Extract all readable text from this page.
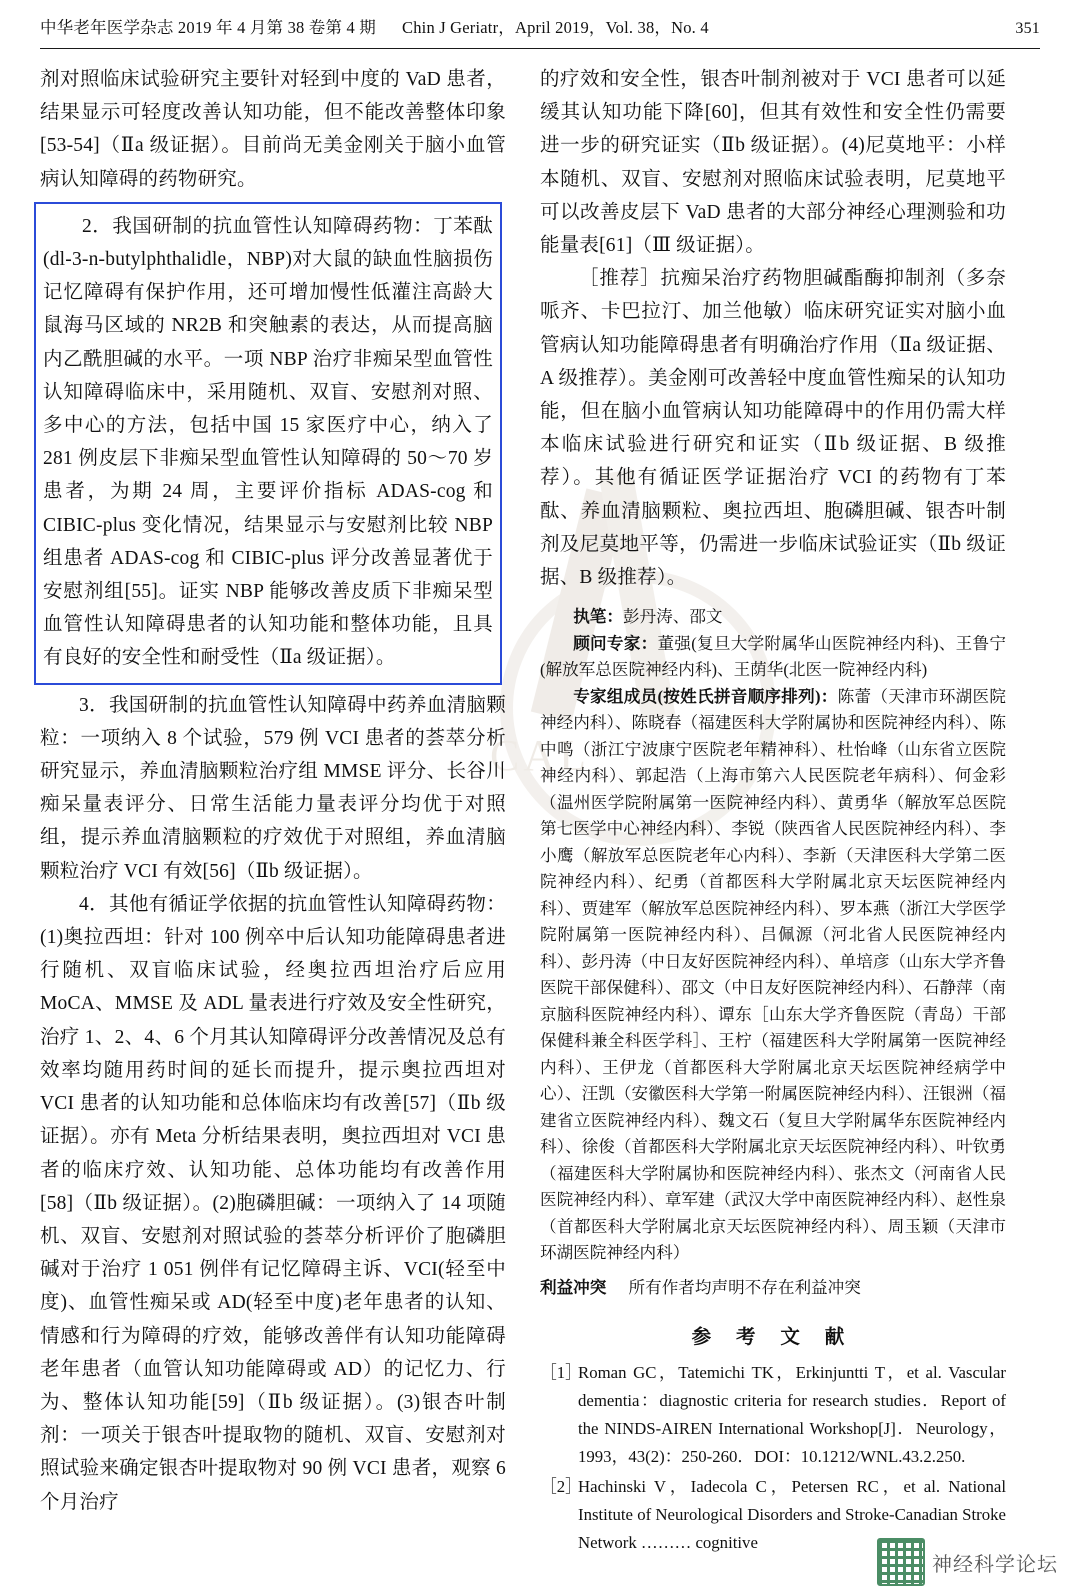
中华老年医学杂志 2019 年 4 月第 38 卷第 4 期 Chin J Geriatr，April 2019，Vol. 38，No. 4	351
CAL

剂对照临床试验研究主要针对轻到中度的 VaD 患者，结果显示可轻度改善认知功能，但不能改善整体印象[53-54]（Ⅱa 级证据）。目前尚无美金刚关于脑小血管病认知障碍的药物研究。

2．我国研制的抗血管性认知障碍药物：丁苯酞(dl-3-n-butylphthalidle，NBP)对大鼠的缺血性脑损伤记忆障碍有保护作用，还可增加慢性低灌注高龄大鼠海马区域的 NR2B 和突触素的表达，从而提高脑内乙酰胆碱的水平。一项 NBP 治疗非痴呆型血管性认知障碍临床中，采用随机、双盲、安慰剂对照、多中心的方法，包括中国 15 家医疗中心，纳入了 281 例皮层下非痴呆型血管性认知障碍的 50～70 岁患者，为期 24 周，主要评价指标 ADAS-cog 和 CIBIC-plus 变化情况，结果显示与安慰剂比较 NBP 组患者 ADAS-cog 和 CIBIC-plus 评分改善显著优于安慰剂组[55]。证实 NBP 能够改善皮质下非痴呆型血管性认知障碍患者的认知功能和整体功能，且具有良好的安全性和耐受性（Ⅱa 级证据）。

3．我国研制的抗血管性认知障碍中药养血清脑颗粒：一项纳入 8 个试验，579 例 VCI 患者的荟萃分析研究显示，养血清脑颗粒治疗组 MMSE 评分、长谷川痴呆量表评分、日常生活能力量表评分均优于对照组，提示养血清脑颗粒的疗效优于对照组，养血清脑颗粒治疗 VCI 有效[56]（Ⅱb 级证据）。

4．其他有循证学依据的抗血管性认知障碍药物：(1)奥拉西坦：针对 100 例卒中后认知功能障碍患者进行随机、双盲临床试验，经奥拉西坦治疗后应用 MoCA、MMSE 及 ADL 量表进行疗效及安全性研究，治疗 1、2、4、6 个月其认知障碍评分改善情况及总有效率均随用药时间的延长而提升，提示奥拉西坦对 VCI 患者的认知功能和总体临床均有改善[57]（Ⅱb 级证据）。亦有 Meta 分析结果表明，奥拉西坦对 VCI 患者的临床疗效、认知功能、总体功能均有改善作用[58]（Ⅱb 级证据）。(2)胞磷胆碱：一项纳入了 14 项随机、双盲、安慰剂对照试验的荟萃分析评价了胞磷胆碱对于治疗 1 051 例伴有记忆障碍主诉、VCI(轻至中度)、血管性痴呆或 AD(轻至中度)老年患者的认知、情感和行为障碍的疗效，能够改善伴有认知功能障碍老年患者（血管认知功能障碍或 AD）的记忆力、行为、整体认知功能[59]（Ⅱb 级证据）。(3)银杏叶制剂：一项关于银杏叶提取物的随机、双盲、安慰剂对照试验来确定银杏叶提取物对 90 例 VCI 患者，观察 6 个月治疗

的疗效和安全性，银杏叶制剂被对于 VCI 患者可以延缓其认知功能下降[60]，但其有效性和安全性仍需要进一步的研究证实（Ⅱb 级证据）。(4)尼莫地平：小样本随机、双盲、安慰剂对照临床试验表明，尼莫地平可以改善皮层下 VaD 患者的大部分神经心理测验和功能量表[61]（Ⅲ 级证据）。

［推荐］抗痴呆治疗药物胆碱酯酶抑制剂（多奈哌齐、卡巴拉汀、加兰他敏）临床研究证实对脑小血管病认知功能障碍患者有明确治疗作用（Ⅱa 级证据、A 级推荐）。美金刚可改善轻中度血管性痴呆的认知功能，但在脑小血管病认知功能障碍中的作用仍需大样本临床试验进行研究和证实（Ⅱb 级证据、B 级推荐）。其他有循证医学证据治疗 VCI 的药物有丁苯酞、养血清脑颗粒、奥拉西坦、胞磷胆碱、银杏叶制剂及尼莫地平等，仍需进一步临床试验证实（Ⅱb 级证据、B 级推荐）。

执笔：彭丹涛、邵文
顾问专家：董强(复旦大学附属华山医院神经内科)、王鲁宁(解放军总医院神经内科)、王荫华(北医一院神经内科)
专家组成员(按姓氏拼音顺序排列)：陈蕾（天津市环湖医院神经内科）、陈晓春（福建医科大学附属协和医院神经内科）、陈中鸣（浙江宁波康宁医院老年精神科）、杜怡峰（山东省立医院神经内科）、郭起浩（上海市第六人民医院老年病科）、何金彩（温州医学院附属第一医院神经内科）、黄勇华（解放军总医院第七医学中心神经内科）、李锐（陕西省人民医院神经内科）、李小鹰（解放军总医院老年心内科）、李新（天津医科大学第二医院神经内科）、纪勇（首都医科大学附属北京天坛医院神经内科）、贾建军（解放军总医院神经内科）、罗本燕（浙江大学医学院附属第一医院神经内科）、吕佩源（河北省人民医院神经内科）、彭丹涛（中日友好医院神经内科）、单培彦（山东大学齐鲁医院干部保健科）、邵文（中日友好医院神经内科）、石静萍（南京脑科医院神经内科）、谭东［山东大学齐鲁医院（青岛）干部保健科兼全科医学科］、王柠（福建医科大学附属第一医院神经内科）、王伊龙（首都医科大学附属北京天坛医院神经病学中心）、汪凯（安徽医科大学第一附属医院神经内科）、汪银洲（福建省立医院神经内科）、魏文石（复旦大学附属华东医院神经内科）、徐俊（首都医科大学附属北京天坛医院神经内科）、叶钦勇（福建医科大学附属协和医院神经内科）、张杰文（河南省人民医院神经内科）、章军建（武汉大学中南医院神经内科）、赵性泉（首都医科大学附属北京天坛医院神经内科）、周玉颖（天津市环湖医院神经内科）
利益冲突 所有作者均声明不存在利益冲突
参 考 文 献
［1］
Roman GC，Tatemichi TK，Erkinjuntti T，et al. Vascular dementia：diagnostic criteria for research studies．Report of the NINDS-AIREN International Workshop[J]．Neurology，1993，43(2)：250-260．DOI：10.1212/WNL.43.2.250.
［2］
Hachinski V，Iadecola C，Petersen RC，et al. National Institute of Neurological Disorders and Stroke-Canadian Stroke Network ……… cognitive
神经科学论坛
